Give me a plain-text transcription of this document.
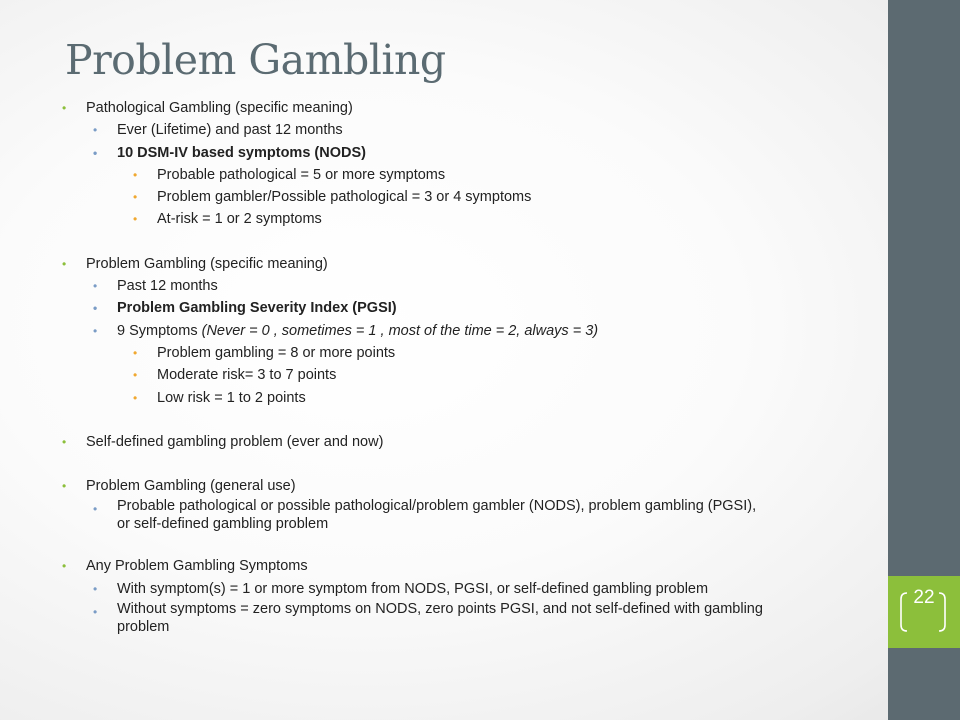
22
Problem Gambling
• Pathological Gambling (specific meaning)
• Ever (Lifetime) and past 12 months
• 10 DSM-IV based symptoms (NODS)
• Probable pathological = 5 or more symptoms
• Problem gambler/Possible pathological = 3 or 4 symptoms
• At-risk = 1 or 2 symptoms
• Problem Gambling (specific meaning)
• Past 12 months
• Problem Gambling Severity Index (PGSI)
• 9 Symptoms (Never = 0 , sometimes = 1 , most of the time = 2, always = 3)
• Problem gambling = 8 or more points
• Moderate risk= 3 to 7 points
• Low risk = 1 to 2 points
• Self-defined gambling problem (ever and now)
• Problem Gambling (general use)
• Probable pathological or possible pathological/problem gambler (NODS), problem gambling (PGSI),
or self-defined gambling problem
• Any Problem Gambling Symptoms
• With symptom(s) = 1 or more symptom from NODS, PGSI, or self-defined gambling problem
• Without symptoms = zero symptoms on NODS, zero points PGSI, and not self-defined with gambling
problem
